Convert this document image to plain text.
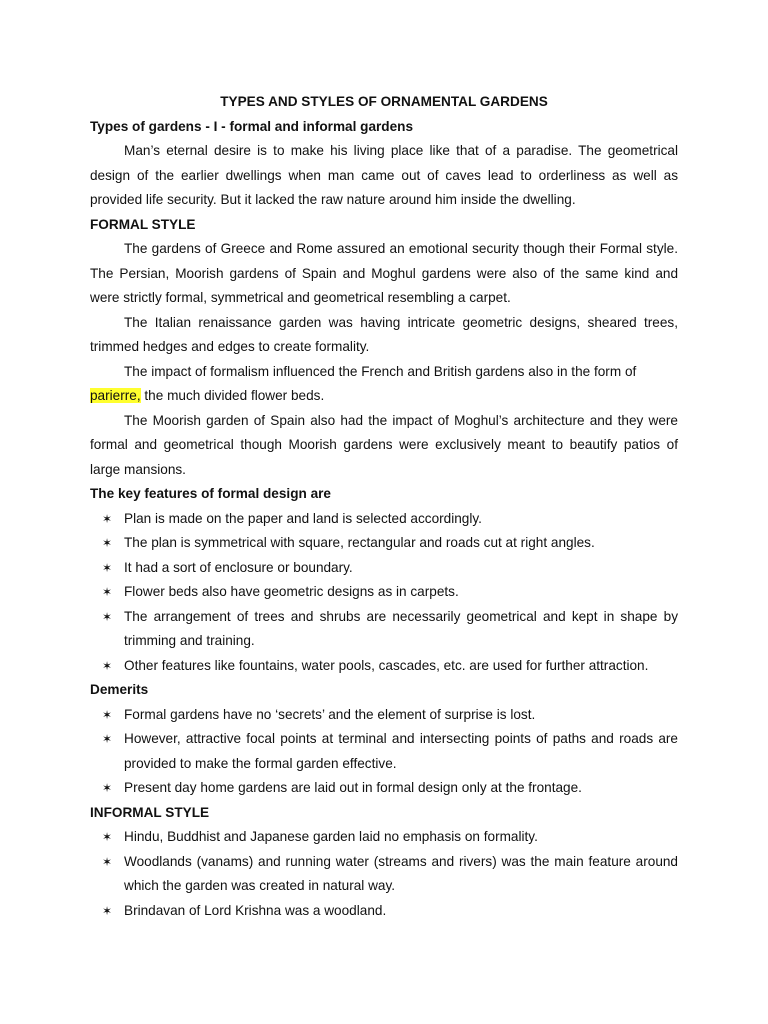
TYPES AND STYLES OF ORNAMENTAL GARDENS
Types of gardens - I - formal and informal gardens

Man’s eternal desire is to make his living place like that of a paradise. The geometrical design of the earlier dwellings when man came out of caves lead to orderliness as well as provided life security. But it lacked the raw nature around him inside the dwelling.

FORMAL STYLE

The gardens of Greece and Rome assured an emotional security though their Formal style. The Persian, Moorish gardens of Spain and Moghul gardens were also of the same kind and were strictly formal, symmetrical and geometrical resembling a carpet.

The Italian renaissance garden was having intricate geometric designs, sheared trees, trimmed hedges and edges to create formality.

The impact of formalism influenced the French and British gardens also in the form of
parierre, the much divided flower beds.

The Moorish garden of Spain also had the impact of Moghul’s architecture and they were formal and geometrical though Moorish gardens were exclusively meant to beautify patios of large mansions.

The key features of formal design are
✶ Plan is made on the paper and land is selected accordingly.
✶ The plan is symmetrical with square, rectangular and roads cut at right angles.
✶ It had a sort of enclosure or boundary.
✶ Flower beds also have geometric designs as in carpets.
✶ The arrangement of trees and shrubs are necessarily geometrical and kept in shape by trimming and training.
✶ Other features like fountains, water pools, cascades, etc. are used for further attraction.
Demerits
✶ Formal gardens have no ‘secrets’ and the element of surprise is lost.
✶ However, attractive focal points at terminal and intersecting points of paths and roads are provided to make the formal garden effective.
✶ Present day home gardens are laid out in formal design only at the frontage.
INFORMAL STYLE
✶ Hindu, Buddhist and Japanese garden laid no emphasis on formality.
✶ Woodlands (vanams) and running water (streams and rivers) was the main feature around which the garden was created in natural way.
✶ Brindavan of Lord Krishna was a woodland.
